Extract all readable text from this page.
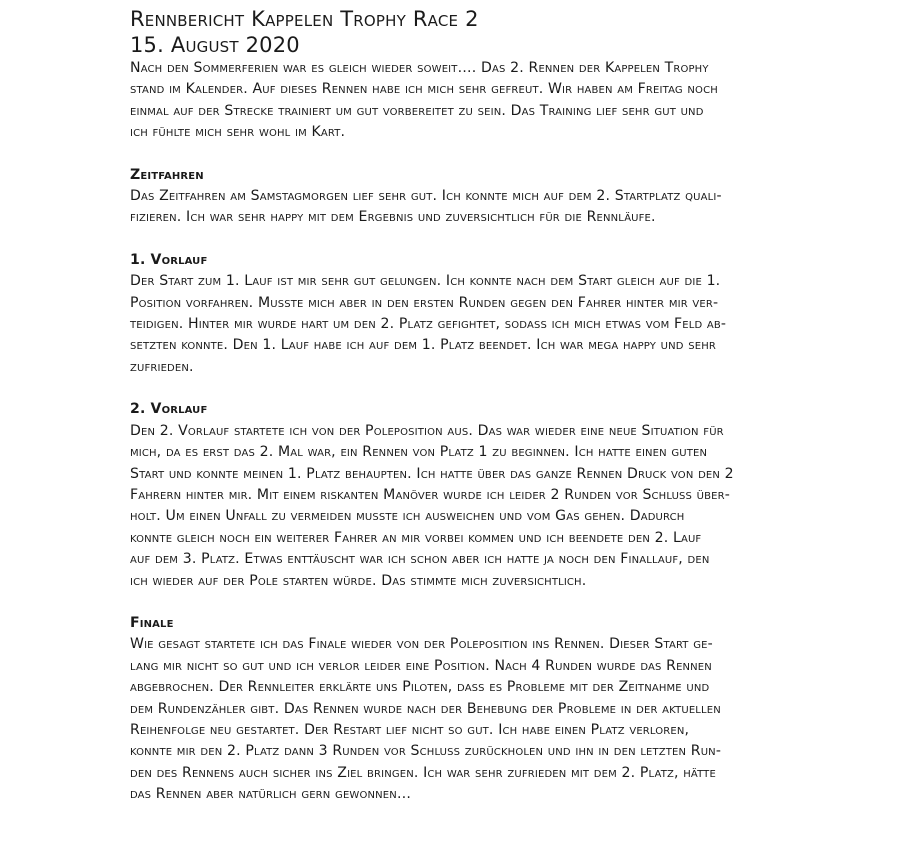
Rennbericht Kappelen Trophy Race 2
15. August 2020

Nach den Sommerferien war es gleich wieder soweit…. Das 2. Rennen der Kappelen Trophy
stand im Kalender. Auf dieses Rennen habe ich mich sehr gefreut. Wir haben am Freitag noch
einmal auf der Strecke trainiert um gut vorbereitet zu sein. Das Training lief sehr gut und
ich fühlte mich sehr wohl im Kart.

Zeitfahren

Das Zeitfahren am Samstagmorgen lief sehr gut. Ich konnte mich auf dem 2. Startplatz quali-
fizieren. Ich war sehr happy mit dem Ergebnis und zuversichtlich für die Rennläufe.

1. Vorlauf

Der Start zum 1. Lauf ist mir sehr gut gelungen. Ich konnte nach dem Start gleich auf die 1.
Position vorfahren. Musste mich aber in den ersten Runden gegen den Fahrer hinter mir ver-
teidigen. Hinter mir wurde hart um den 2. Platz gefightet, sodass ich mich etwas vom Feld ab-
setzten konnte. Den 1. Lauf habe ich auf dem 1. Platz beendet. Ich war mega happy und sehr
zufrieden.

2. Vorlauf

Den 2. Vorlauf startete ich von der Poleposition aus. Das war wieder eine neue Situation für
mich, da es erst das 2. Mal war, ein Rennen von Platz 1 zu beginnen. Ich hatte einen guten
Start und konnte meinen 1. Platz behaupten. Ich hatte über das ganze Rennen Druck von den 2
Fahrern hinter mir. Mit einem riskanten Manöver wurde ich leider 2 Runden vor Schluss über-
holt. Um einen Unfall zu vermeiden musste ich ausweichen und vom Gas gehen. Dadurch
konnte gleich noch ein weiterer Fahrer an mir vorbei kommen und ich beendete den 2. Lauf
auf dem 3. Platz. Etwas enttäuscht war ich schon aber ich hatte ja noch den Finallauf, den
ich wieder auf der Pole starten würde. Das stimmte mich zuversichtlich.

Finale

Wie gesagt startete ich das Finale wieder von der Poleposition ins Rennen. Dieser Start ge-
lang mir nicht so gut und ich verlor leider eine Position. Nach 4 Runden wurde das Rennen
abgebrochen. Der Rennleiter erklärte uns Piloten, dass es Probleme mit der Zeitnahme und
dem Rundenzähler gibt. Das Rennen wurde nach der Behebung der Probleme in der aktuellen
Reihenfolge neu gestartet. Der Restart lief nicht so gut. Ich habe einen Platz verloren,
konnte mir den 2. Platz dann 3 Runden vor Schluss zurückholen und ihn in den letzten Run-
den des Rennens auch sicher ins Ziel bringen. Ich war sehr zufrieden mit dem 2. Platz, hätte
das Rennen aber natürlich gern gewonnen…
